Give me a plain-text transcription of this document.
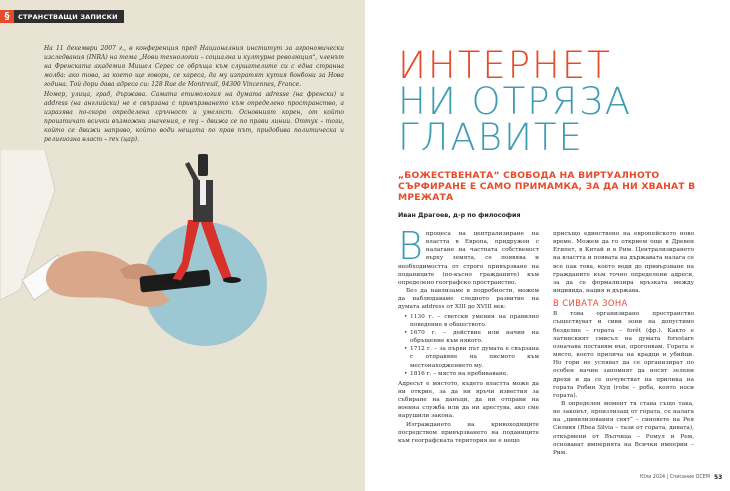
§	СТРАНСТВАЩИ ЗАПИСКИ

На 11 декември 2007 г., в конференция пред Националния институт за агрономически изследвания (INRA) на тема „Нови технологии – социална и културна революция“, членът на Френската академия Мишел Серес се обръща към слушателите си с една странна молба: ако това, за което ще говори, се хареса, да му изпратят кутия бонбони за Нова година. Той дори дава адреса си: 128 Rue de Montreuil, 94300 Vincennes, France.

Номер, улица, град, държава. Самата етимология на думата adresse (на френски) и address (на английски) не е свързана с привързването към определено пространство, а изразява по-скоро определена сръчност и умелост. Основният корен, от който произтичат всички възможни значения, е reg – движа се по прави линии. Оттук – този, който се движи направо, който води нещата по прав път, придобива политическа и религиозна власт – rex (цар).

ИНТЕРНЕТ
НИ ОТРЯЗА
ГЛАВИТЕ
„БОЖЕСТВЕНАТА“ СВОБОДА НА ВИРТУАЛНОТО СЪРФИРАНЕ Е САМО ПРИМАМКА, ЗА ДА НИ ХВАНАТ В МРЕЖАТА
Иван Драгоев, д-р по философия

Впроцеса на централизиране на властта в Европа, придружен с налагане на частната собственост върху земята, се появява и необходимостта от строго привързване на поданиците (по-късно гражданите) към определено географско пространство.

Без да навлизаме в подробности, можем да наблюдаваме следното развитие на думата address от XIII до XVIII век:

• 1130 г. – светски умения на правилно поведение в обществото.
• 1670 г. – действие или начин на обръщение към някого.
• 1712 г. – за първи път думата е свързана с отправяне на писмото към местонаходжението му.
• 1816 г. – място на пребиваване.

Адресът е мястото, където властта може да ни открие, за да ни връчи известия за събиране на данъци, да ни отправи на военна служба или да ни арестува, ако сме нарушили закона.

Изграждането на кривоходящите посредством привързването на поданиците към географската територия не е нещо

присъщо единствено на европейското ново време. Можем да го открием още в Древен Египет, в Китай и в Рим. Централизирането на властта и появата на държавата налага се все пак това, което води до привързване на гражданите към точно определени адреси, за да се формализира връзката между индивида, нация и държава.

В СИВАТА ЗОНА

В това организирано пространство съществуват и сиви зони на допустимо безделие – гората – forêt (фр.). Както е латинският смисъл на думата forestare означава поставям вън, прогонвам. Гората е място, което прилича на крадци и убийци. Но гори не успяват да се организират по особен начин запомнят да носят зелени дрехи и да се почувстват на прилика на гората Робин Худ (robe – роба, която носи гората).

В определен момент тя става също така, не законът, произлизащ от гората, се налага на „цивилизования свят“ – синовете на Рея Силвия (Rhea Silvia – тази от гората, дивата), откърмени от Вълчица – Ромул и Рем, основават империята на Всички империи – Рим.

Юли 2024 | Списание ОСЕМ 53
